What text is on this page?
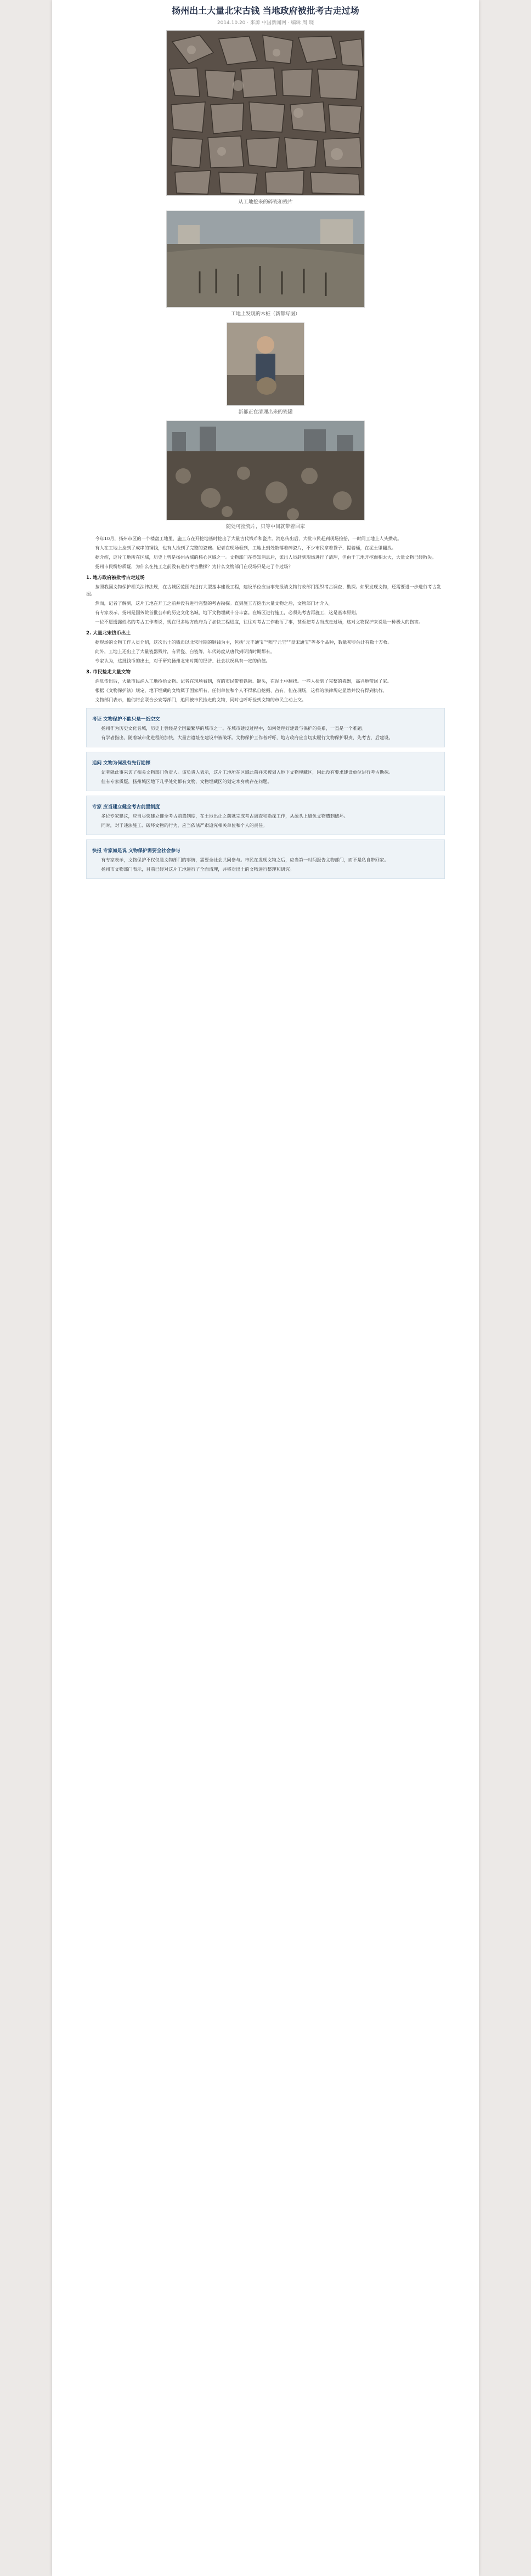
扬州出土大量北宋古钱 当地政府被批考古走过场
2014.10.20 · 来源 中国新闻网 · 编辑 周 晓
从工地挖来的碎瓷和残片
工地上发现的木桩（新都写图）
新都正在清理出来的瓷罐
随处可捡瓷片，只等中间就带着回家

今年10月，扬州市区的一个楼盘工地里，施工方在开挖地基时挖出了大量古代钱币和瓷片。消息传出后，大批市民赶到现场捡拾，一时间工地上人头攒动。

有人在工地上捡到了成串的铜钱，也有人捡到了完整的瓷碗。记者在现场看到，工地上到处散落着碎瓷片，不少市民拿着袋子、提着桶，在泥土里翻找。

据介绍，这片工地所在区域，历史上曾是扬州古城的核心区域之一。文物部门在得知消息后，派出人员赶到现场进行了清理，但由于工地开挖面积太大，大量文物已经散失。

扬州市民纷纷质疑，为什么在施工之前没有进行考古勘探？为什么文物部门在现场只是走了个过场？

1. 地方政府被批考古走过场

按照我国文物保护相关法律法规，在古城区范围内进行大型基本建设工程，建设单位应当事先报请文物行政部门组织考古调查、勘探。如果发现文物，还需要进一步进行考古发掘。

然而，记者了解到，这片工地在开工之前并没有进行完整的考古勘探。直到施工方挖出大量文物之后，文物部门才介入。

有专家表示，扬州是国务院首批公布的历史文化名城，地下文物埋藏十分丰富。在城区进行施工，必须先考古再施工，这是基本原则。

一位不愿透露姓名的考古工作者说，现在很多地方政府为了加快工程进度，往往对考古工作敷衍了事，甚至把考古当成走过场，这对文物保护来说是一种极大的伤害。

2. 大量北宋钱币出土

据现场的文物工作人员介绍，这次出土的钱币以北宋时期的铜钱为主，包括“元丰通宝”“熙宁元宝”“皇宋通宝”等多个品种，数量初步估计有数十万枚。

此外，工地上还出土了大量瓷器残片，有青瓷、白瓷等，年代跨度从唐代到明清时期都有。

专家认为，这批钱币的出土，对于研究扬州北宋时期的经济、社会状况具有一定的价值。

3. 市民捡走大量文物

消息传出后，大量市民涌入工地捡拾文物。记者在现场看到，有的市民带着铁锹、锄头，在泥土中翻找。一些人捡到了完整的瓷器，高兴地带回了家。

根据《文物保护法》规定，地下埋藏的文物属于国家所有，任何单位和个人不得私自挖掘、占有。但在现场，这样的法律规定显然并没有得到执行。

文物部门表示，他们将会联合公安等部门，追回被市民捡走的文物，同时也呼吁捡到文物的市民主动上交。

考证 文物保护不能只是一纸空文

扬州作为历史文化名城，历史上曾经是全国最繁华的城市之一。在城市建设过程中，如何处理好建设与保护的关系，一直是一个难题。

有学者指出，随着城市化进程的加快，大量古遗址在建设中被破坏。文物保护工作者呼吁，地方政府应当切实履行文物保护职责，先考古，后建设。

追问 文物为何没有先行勘探

记者就此事采访了相关文物部门负责人。该负责人表示，这片工地所在区域此前并未被划入地下文物埋藏区，因此没有要求建设单位进行考古勘探。

但有专家质疑，扬州城区地下几乎处处都有文物，文物埋藏区的划定本身就存在问题。

专家 应当建立健全考古前置制度

多位专家建议，应当尽快建立健全考古前置制度，在土地出让之前就完成考古调查和勘探工作，从源头上避免文物遭到破坏。

同时，对于违法施工、破坏文物的行为，应当依法严肃追究相关单位和个人的责任。

快报 专家如是说 文物保护需要全社会参与

有专家表示，文物保护不仅仅是文物部门的事情，需要全社会共同参与。市民在发现文物之后，应当第一时间报告文物部门，而不是私自带回家。

扬州市文物部门表示，目前已经对这片工地进行了全面清理，并将对出土的文物进行整理和研究。
